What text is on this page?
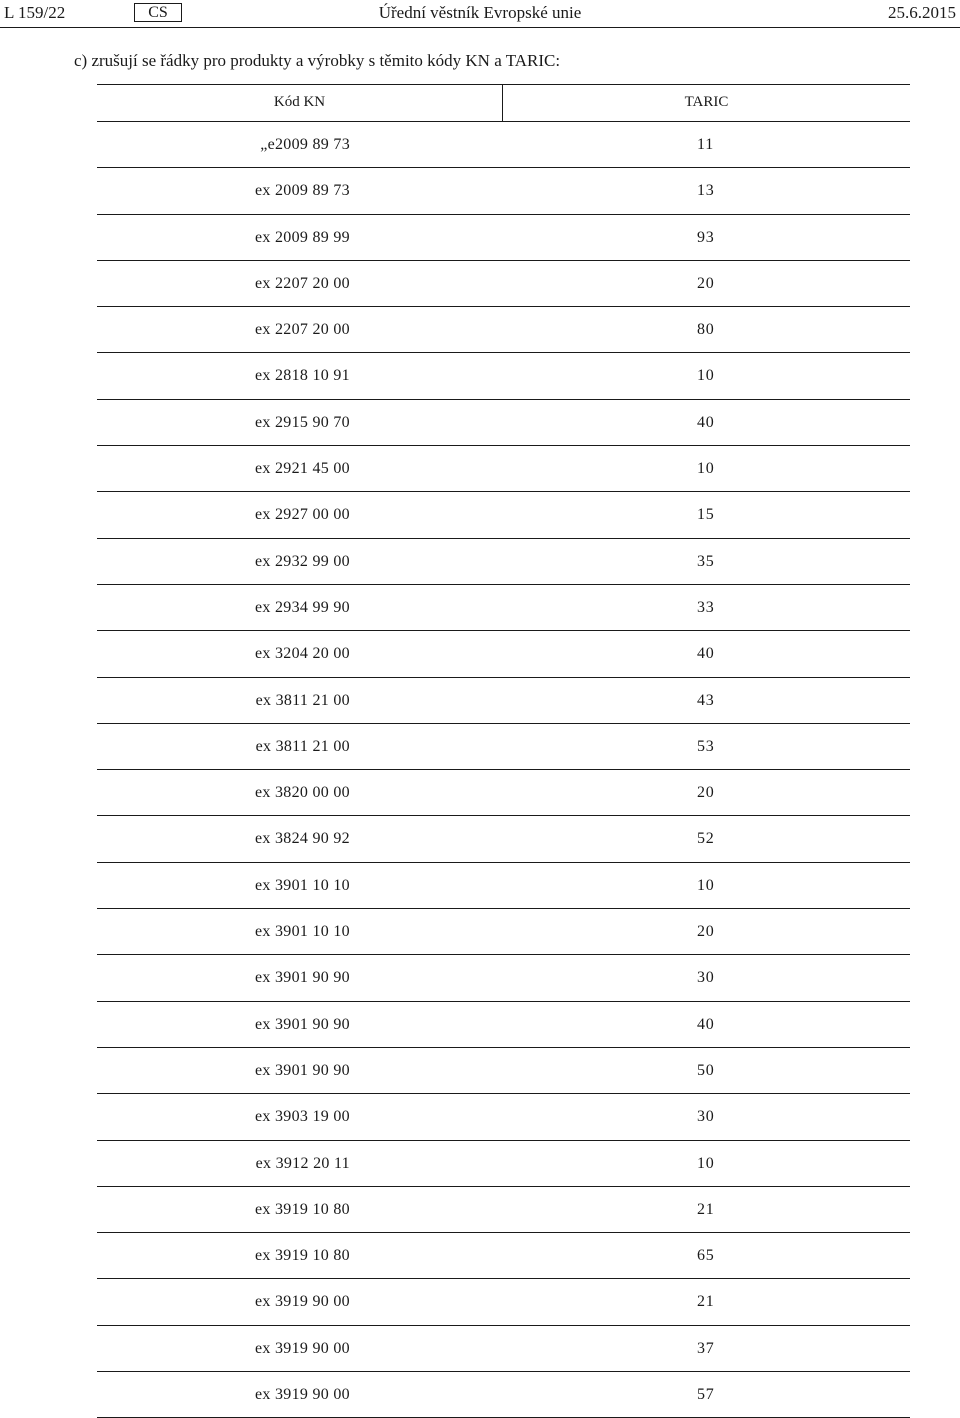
L 159/22	CS	Úřední věstník Evropské unie	25.6.2015
c) zrušují se řádky pro produkty a výrobky s těmito kódy KN a TARIC:
Kód KN	TARIC
„e2009 89 73	11
ex 2009 89 73	13
ex 2009 89 99	93
ex 2207 20 00	20
ex 2207 20 00	80
ex 2818 10 91	10
ex 2915 90 70	40
ex 2921 45 00	10
ex 2927 00 00	15
ex 2932 99 00	35
ex 2934 99 90	33
ex 3204 20 00	40
ex 3811 21 00	43
ex 3811 21 00	53
ex 3820 00 00	20
ex 3824 90 92	52
ex 3901 10 10	10
ex 3901 10 10	20
ex 3901 90 90	30
ex 3901 90 90	40
ex 3901 90 90	50
ex 3903 19 00	30
ex 3912 20 11	10
ex 3919 10 80	21
ex 3919 10 80	65
ex 3919 90 00	21
ex 3919 90 00	37
ex 3919 90 00	57
